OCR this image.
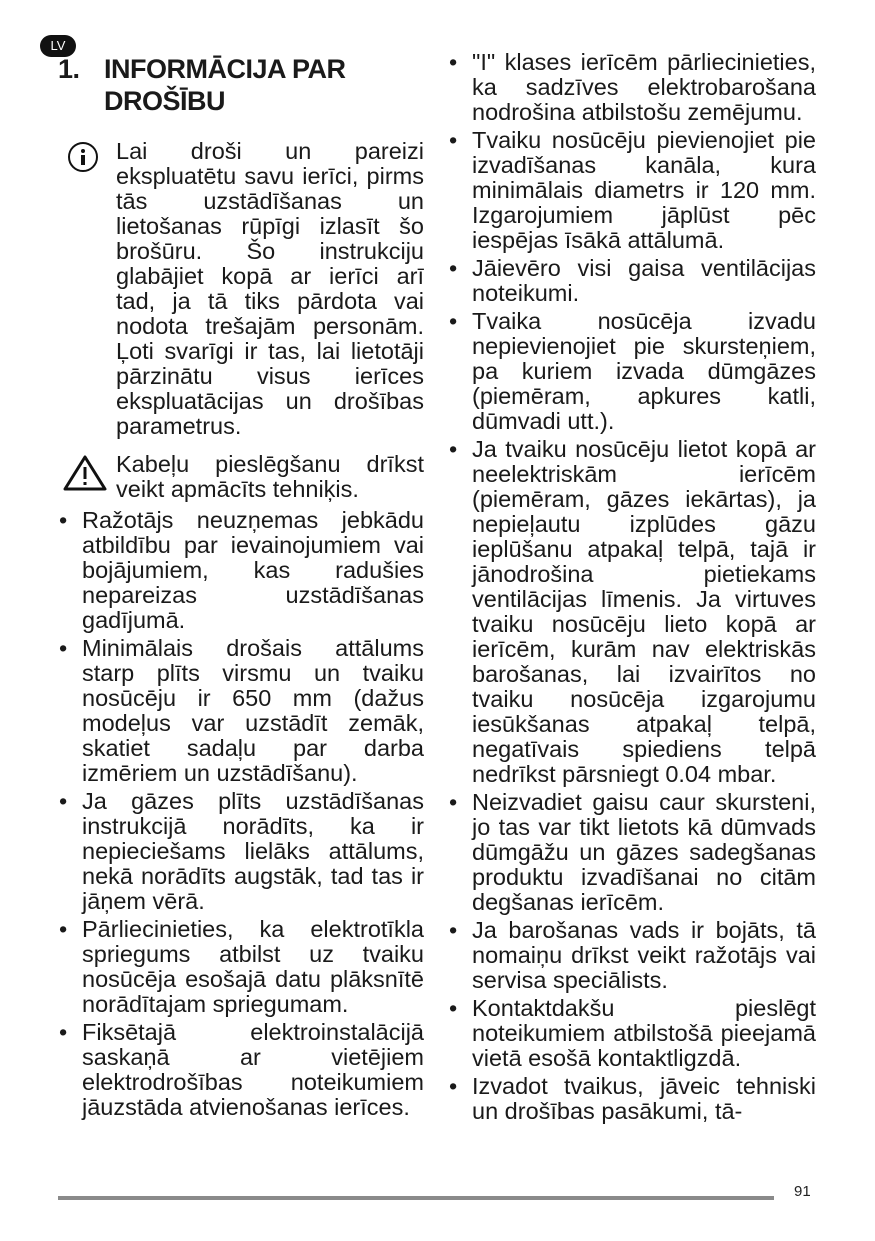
LV
1. INFORMĀCIJA PAR DROŠĪBU
Lai droši un pareizi ekspluatētu savu ierīci, pirms tās uzstādīšanas un lietošanas rūpīgi izlasīt šo brošūru. Šo instrukciju glabājiet kopā ar ierīci arī tad, ja tā tiks pārdota vai nodota trešajām personām. Ļoti svarīgi ir tas, lai lietotāji pārzinātu visus ierīces ekspluatācijas un drošības parametrus.
Kabeļu pieslēgšanu drīkst veikt apmācīts tehniķis.
• Ražotājs neuzņemas jebkādu atbildību par ievainojumiem vai bojājumiem, kas radušies nepareizas uzstādīšanas gadījumā.
• Minimālais drošais attālums starp plīts virsmu un tvaiku nosūcēju ir 650 mm (dažus modeļus var uzstādīt zemāk, skatiet sadaļu par darba izmēriem un uzstādīšanu).
• Ja gāzes plīts uzstādīšanas instrukcijā norādīts, ka ir nepieciešams lielāks attālums, nekā norādīts augstāk, tad tas ir jāņem vērā.
• Pārliecinieties, ka elektrotīkla spriegums atbilst uz tvaiku nosūcēja esošajā datu plāksnītē norādītajam spriegumam.
• Fiksētajā elektroinstalācijā saskaņā ar vietējiem elektrodrošības noteikumiem jāuzstāda atvienošanas ierīces.
• "I" klases ierīcēm pārliecinieties, ka sadzīves elektrobarošana nodrošina atbilstošu zemējumu.
• Tvaiku nosūcēju pievienojiet pie izvadīšanas kanāla, kura minimālais diametrs ir 120 mm. Izgarojumiem jāplūst pēc iespējas īsākā attālumā.
• Jāievēro visi gaisa ventilācijas noteikumi.
• Tvaika nosūcēja izvadu nepievienojiet pie skursteņiem, pa kuriem izvada dūmgāzes (piemēram, apkures katli, dūmvadi utt.).
• Ja tvaiku nosūcēju lietot kopā ar neelektriskām ierīcēm (piemēram, gāzes iekārtas), ja nepieļautu izplūdes gāzu ieplūšanu atpakaļ telpā, tajā ir jānodrošina pietiekams ventilācijas līmenis. Ja virtuves tvaiku nosūcēju lieto kopā ar ierīcēm, kurām nav elektriskās barošanas, lai izvairītos no tvaiku nosūcēja izgarojumu iesūkšanas atpakaļ telpā, negatīvais spiediens telpā nedrīkst pārsniegt 0.04 mbar.
• Neizvadiet gaisu caur skursteni, jo tas var tikt lietots kā dūmvads dūmgāžu un gāzes sadegšanas produktu izvadīšanai no citām degšanas ierīcēm.
• Ja barošanas vads ir bojāts, tā nomaiņu drīkst veikt ražotājs vai servisa speciālists.
• Kontaktdakšu pieslēgt noteikumiem atbilstošā pieejamā vietā esošā kontaktligzdā.
• Izvadot tvaikus, jāveic tehniski un drošības pasākumi, tā-
91
